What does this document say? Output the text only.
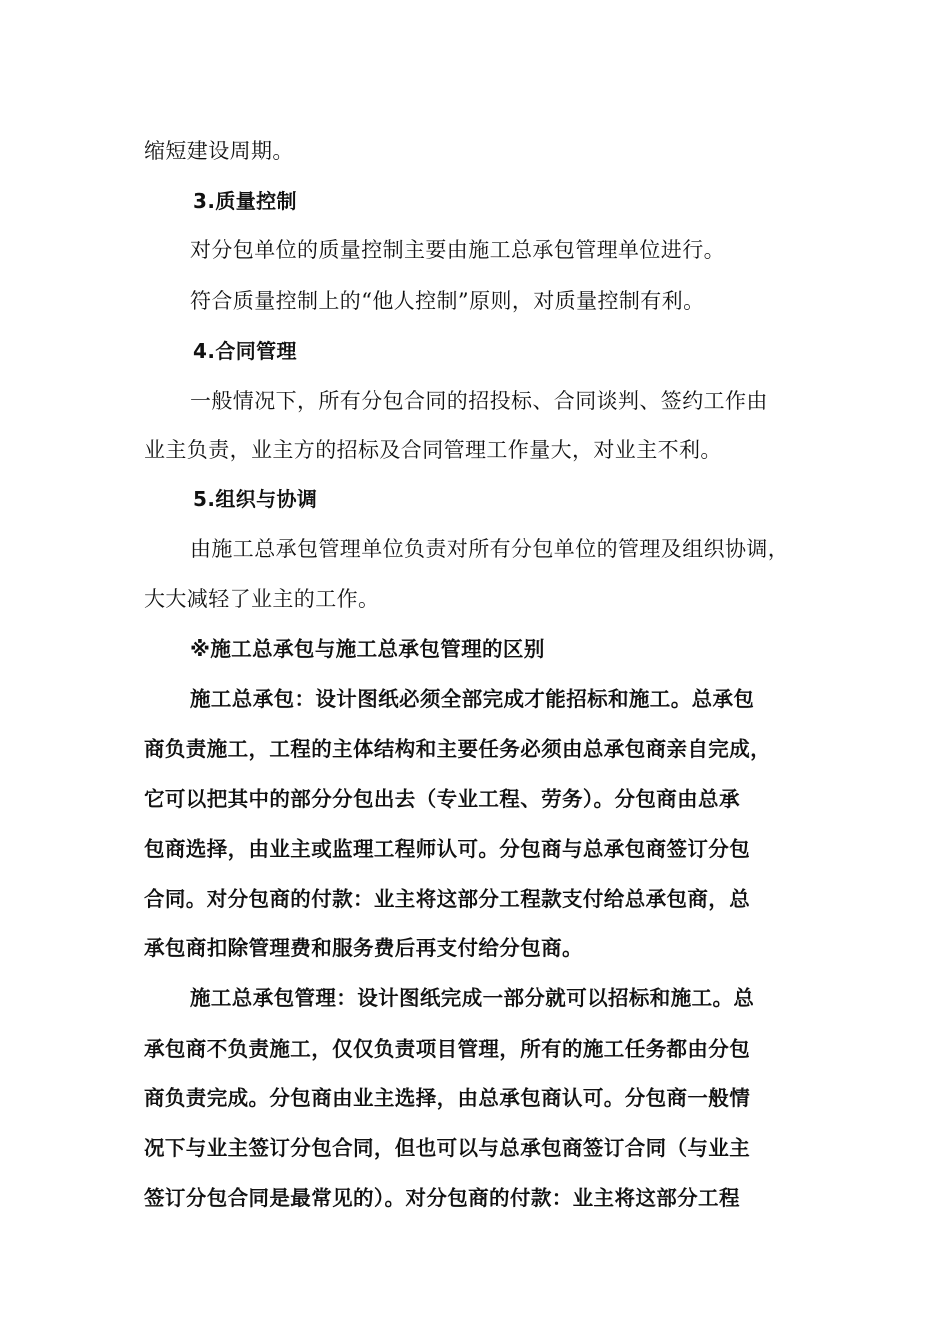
缩短建设周期。

3.质量控制

对分包单位的质量控制主要由施工总承包管理单位进行。

符合质量控制上的“他人控制”原则，对质量控制有利。

4.合同管理

一般情况下，所有分包合同的招投标、合同谈判、签约工作由

业主负责，业主方的招标及合同管理工作量大，对业主不利。

5.组织与协调

由施工总承包管理单位负责对所有分包单位的管理及组织协调，

大大减轻了业主的工作。

※施工总承包与施工总承包管理的区别

施工总承包：设计图纸必须全部完成才能招标和施工。总承包

商负责施工，工程的主体结构和主要任务必须由总承包商亲自完成，

它可以把其中的部分分包出去（专业工程、劳务）。分包商由总承

包商选择，由业主或监理工程师认可。分包商与总承包商签订分包

合同。对分包商的付款：业主将这部分工程款支付给总承包商，总

承包商扣除管理费和服务费后再支付给分包商。

施工总承包管理：设计图纸完成一部分就可以招标和施工。总

承包商不负责施工，仅仅负责项目管理，所有的施工任务都由分包

商负责完成。分包商由业主选择，由总承包商认可。分包商一般情

况下与业主签订分包合同，但也可以与总承包商签订合同（与业主

签订分包合同是最常见的）。对分包商的付款：业主将这部分工程
